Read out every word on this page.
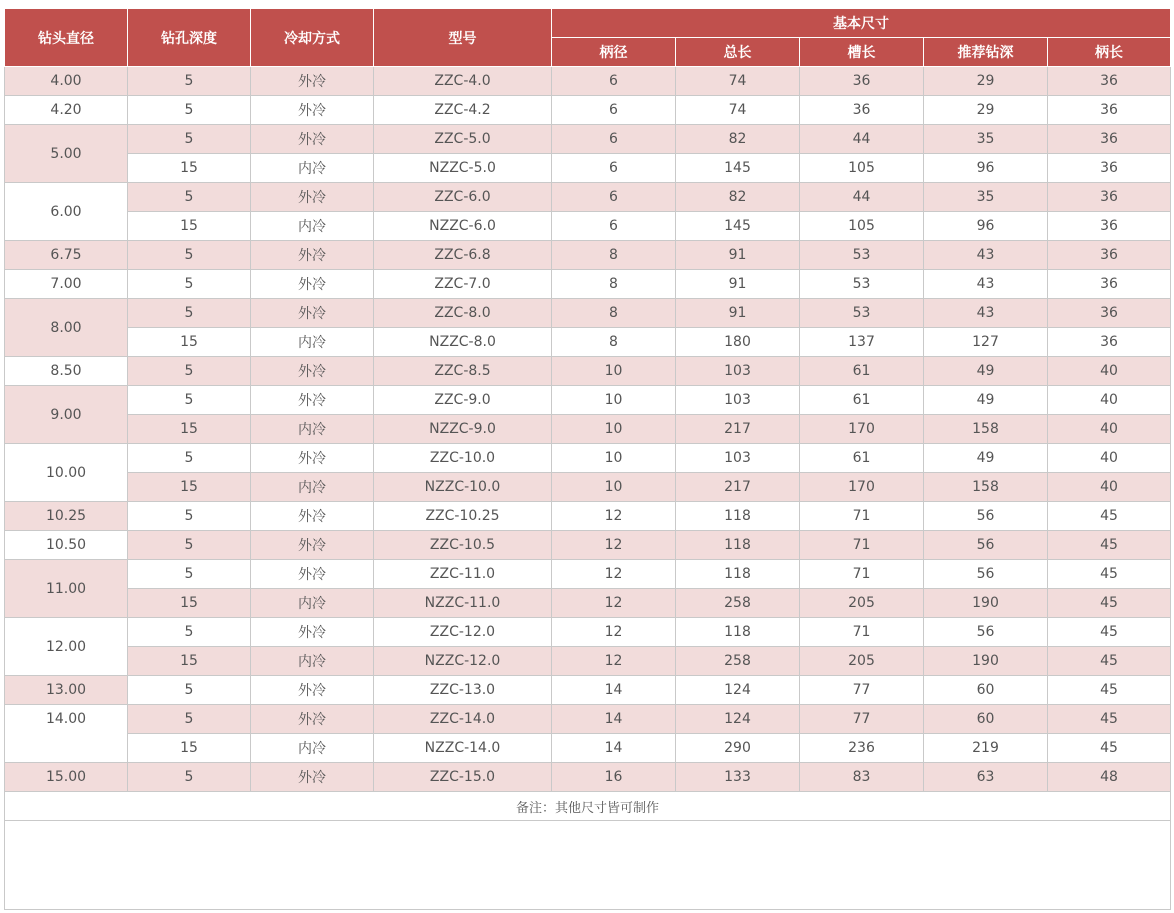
钻头直径	钻孔深度	冷却方式	型号	基本尺寸				
				柄径	总长	槽长	推荐钻深	柄长
4.00	5	外冷	ZZC-4.0	6	74	36	29	36
4.20	5	外冷	ZZC-4.2	6	74	36	29	36
5.00	5	外冷	ZZC-5.0	6	82	44	35	36
	15	内冷	NZZC-5.0	6	145	105	96	36
6.00	5	外冷	ZZC-6.0	6	82	44	35	36
	15	内冷	NZZC-6.0	6	145	105	96	36
6.75	5	外冷	ZZC-6.8	8	91	53	43	36
7.00	5	外冷	ZZC-7.0	8	91	53	43	36
8.00	5	外冷	ZZC-8.0	8	91	53	43	36
	15	内冷	NZZC-8.0	8	180	137	127	36
8.50	5	外冷	ZZC-8.5	10	103	61	49	40
9.00	5	外冷	ZZC-9.0	10	103	61	49	40
	15	内冷	NZZC-9.0	10	217	170	158	40
10.00	5	外冷	ZZC-10.0	10	103	61	49	40
	15	内冷	NZZC-10.0	10	217	170	158	40
10.25	5	外冷	ZZC-10.25	12	118	71	56	45
10.50	5	外冷	ZZC-10.5	12	118	71	56	45
11.00	5	外冷	ZZC-11.0	12	118	71	56	45
	15	内冷	NZZC-11.0	12	258	205	190	45
12.00	5	外冷	ZZC-12.0	12	118	71	56	45
	15	内冷	NZZC-12.0	12	258	205	190	45
13.00	5	外冷	ZZC-13.0	14	124	77	60	45
14.00	5	外冷	ZZC-14.0	14	124	77	60	45
	15	内冷	NZZC-14.0	14	290	236	219	45
15.00	5	外冷	ZZC-15.0	16	133	83	63	48
备注：其他尺寸皆可制作								
